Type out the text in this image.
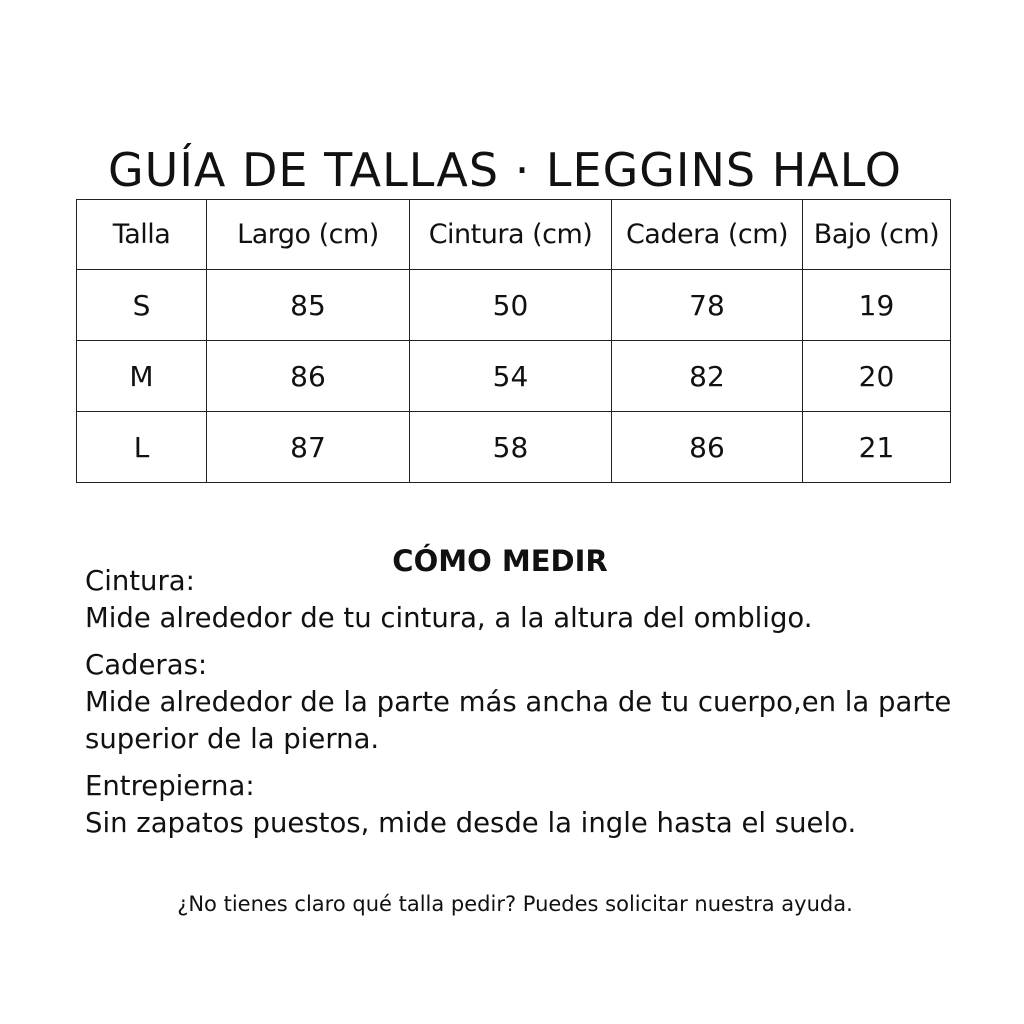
GUÍA DE TALLAS · LEGGINS HALO
Talla	Largo (cm)	Cintura (cm)	Cadera (cm)	Bajo (cm)
S	85	50	78	19
M	86	54	82	20
L	87	58	86	21
CÓMO MEDIR
Cintura:
Mide alrededor de tu cintura, a la altura del ombligo.
Caderas:
Mide alrededor de la parte más ancha de tu cuerpo,en la parte superior de la pierna.
Entrepierna:
Sin zapatos puestos, mide desde la ingle hasta el suelo.

¿No tienes claro qué talla pedir? Puedes solicitar nuestra ayuda.
